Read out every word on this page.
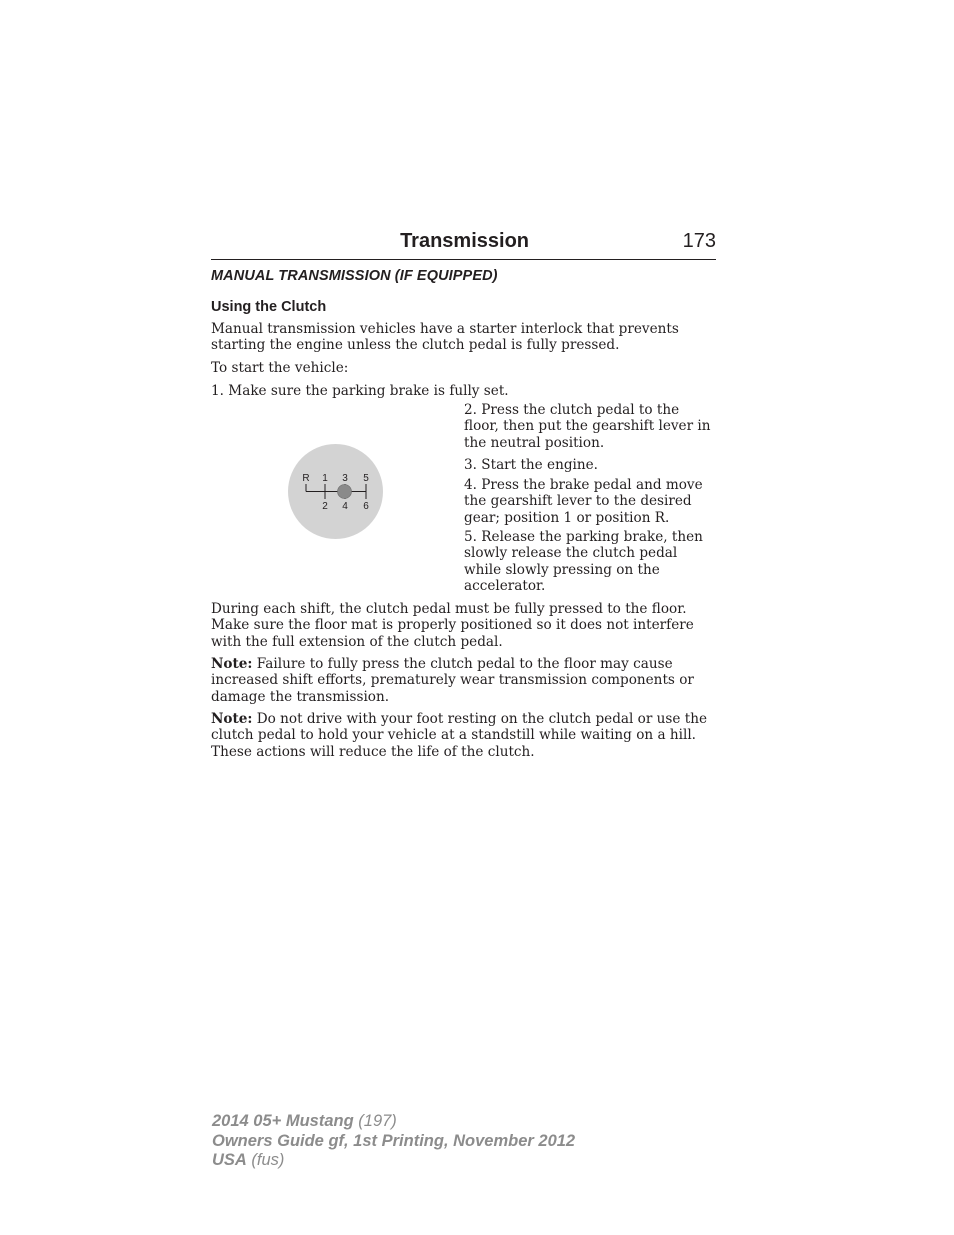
Transmission	173
MANUAL TRANSMISSION (IF EQUIPPED)
Using the Clutch
Manual transmission vehicles have a starter interlock that prevents
starting the engine unless the clutch pedal is fully pressed.
To start the vehicle:
1. Make sure the parking brake is fully set.
2. Press the clutch pedal to the
floor, then put the gearshift lever in
the neutral position.
3. Start the engine.
4. Press the brake pedal and move
the gearshift lever to the desired
gear; position 1 or position R.
5. Release the parking brake, then
slowly release the clutch pedal
while slowly pressing on the
accelerator.
R 1 3 5
2 4 6
During each shift, the clutch pedal must be fully pressed to the floor.
Make sure the floor mat is properly positioned so it does not interfere
with the full extension of the clutch pedal.
Note: Failure to fully press the clutch pedal to the floor may cause
increased shift efforts, prematurely wear transmission components or
damage the transmission.
Note: Do not drive with your foot resting on the clutch pedal or use the
clutch pedal to hold your vehicle at a standstill while waiting on a hill.
These actions will reduce the life of the clutch.
2014 05+ Mustang (197)
Owners Guide gf, 1st Printing, November 2012
USA (fus)
